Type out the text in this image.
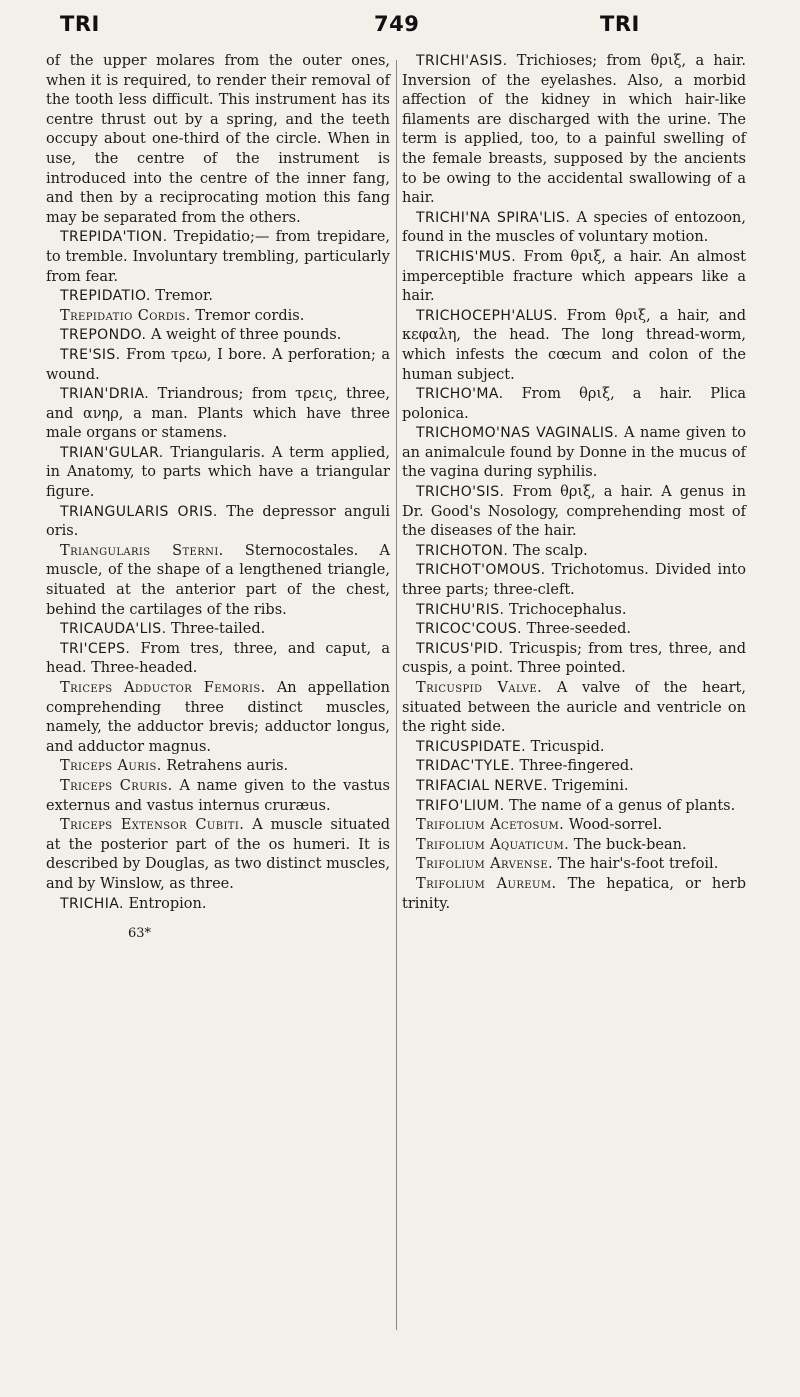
TRI	749	TRI

of the upper molares from the outer ones, when it is required, to render their removal of the tooth less difficult. This instrument has its centre thrust out by a spring, and the teeth occupy about one-third of the circle. When in use, the centre of the instrument is introduced into the centre of the inner fang, and then by a reciprocating motion this fang may be separated from the others.

TREPIDA'TION. Trepidatio;— from trepidare, to tremble. Involuntary trembling, particularly from fear.

TREPIDATIO. Tremor.

Trepidatio Cordis. Tremor cordis.

TREPONDO. A weight of three pounds.

TRE'SIS. From τρεω, I bore. A perforation; a wound.

TRIAN'DRIA. Triandrous; from τρεις, three, and ανηρ, a man. Plants which have three male organs or stamens.

TRIAN'GULAR. Triangularis. A term applied, in Anatomy, to parts which have a triangular figure.

TRIANGULARIS ORIS. The depressor anguli oris.

Triangularis Sterni. Sternocostales. A muscle, of the shape of a lengthened triangle, situated at the anterior part of the chest, behind the cartilages of the ribs.

TRICAUDA'LIS. Three-tailed.

TRI'CEPS. From tres, three, and caput, a head. Three-headed.

Triceps Adductor Femoris. An appellation comprehending three distinct muscles, namely, the adductor brevis; adductor longus, and adductor magnus.

Triceps Auris. Retrahens auris.

Triceps Cruris. A name given to the vastus externus and vastus internus cruræus.

Triceps Extensor Cubiti. A muscle situated at the posterior part of the os humeri. It is described by Douglas, as two distinct muscles, and by Winslow, as three.

TRICHIA. Entropion.

63*

TRICHI'ASIS. Trichioses; from θριξ, a hair. Inversion of the eyelashes. Also, a morbid affection of the kidney in which hair-like filaments are discharged with the urine. The term is applied, too, to a painful swelling of the female breasts, supposed by the ancients to be owing to the accidental swallowing of a hair.

TRICHI'NA SPIRA'LIS. A species of entozoon, found in the muscles of voluntary motion.

TRICHIS'MUS. From θριξ, a hair. An almost imperceptible fracture which appears like a hair.

TRICHOCEPH'ALUS. From θριξ, a hair, and κεφαλη, the head. The long thread-worm, which infests the cœcum and colon of the human subject.

TRICHO'MA. From θριξ, a hair. Plica polonica.

TRICHOMO'NAS VAGINALIS. A name given to an animalcule found by Donne in the mucus of the vagina during syphilis.

TRICHO'SIS. From θριξ, a hair. A genus in Dr. Good's Nosology, comprehending most of the diseases of the hair.

TRICHOTON. The scalp.

TRICHOT'OMOUS. Trichotomus. Divided into three parts; three-cleft.

TRICHU'RIS. Trichocephalus.

TRICOC'COUS. Three-seeded.

TRICUS'PID. Tricuspis; from tres, three, and cuspis, a point. Three pointed.

Tricuspid Valve. A valve of the heart, situated between the auricle and ventricle on the right side.

TRICUSPIDATE. Tricuspid.

TRIDAC'TYLE. Three-fingered.

TRIFACIAL NERVE. Trigemini.

TRIFO'LIUM. The name of a genus of plants.

Trifolium Acetosum. Wood-sorrel.

Trifolium Aquaticum. The buck-bean.

Trifolium Arvense. The hair's-foot trefoil.

Trifolium Aureum. The hepatica, or herb trinity.
